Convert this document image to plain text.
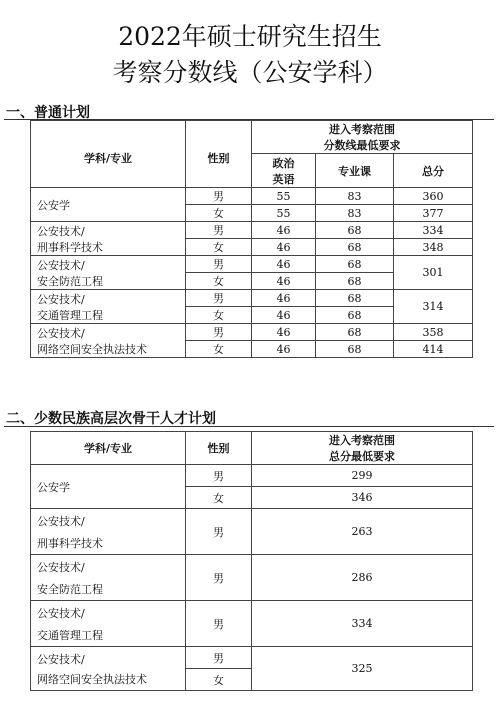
2022年硕士研究生招生
考察分数线（公安学科）
一、普通计划
学科/专业	性别	进入考察范围
分数线最低要求		

		政治
英语	专业课	总分
公安学	男	55	83	360
	女	55	83	377

公安技术/
刑事科学技术	男	46	68	334
	女	46	68	348

公安技术/
安全防范工程	男	46	68	301
	女	46	68	

公安技术/
交通管理工程	男	46	68	314
	女	46	68	

公安技术/
网络空间安全执法技术	男	46	68	358
	女	46	68	414
二、少数民族高层次骨干人才计划
学科/专业	性别	进入考察范围
总分最低要求

公安学	男	299
	女	346

公安技术/
刑事科学技术	男	263

公安技术/
安全防范工程	男	286

公安技术/
交通管理工程	男	334

公安技术/
网络空间安全执法技术	男	325
	女	
